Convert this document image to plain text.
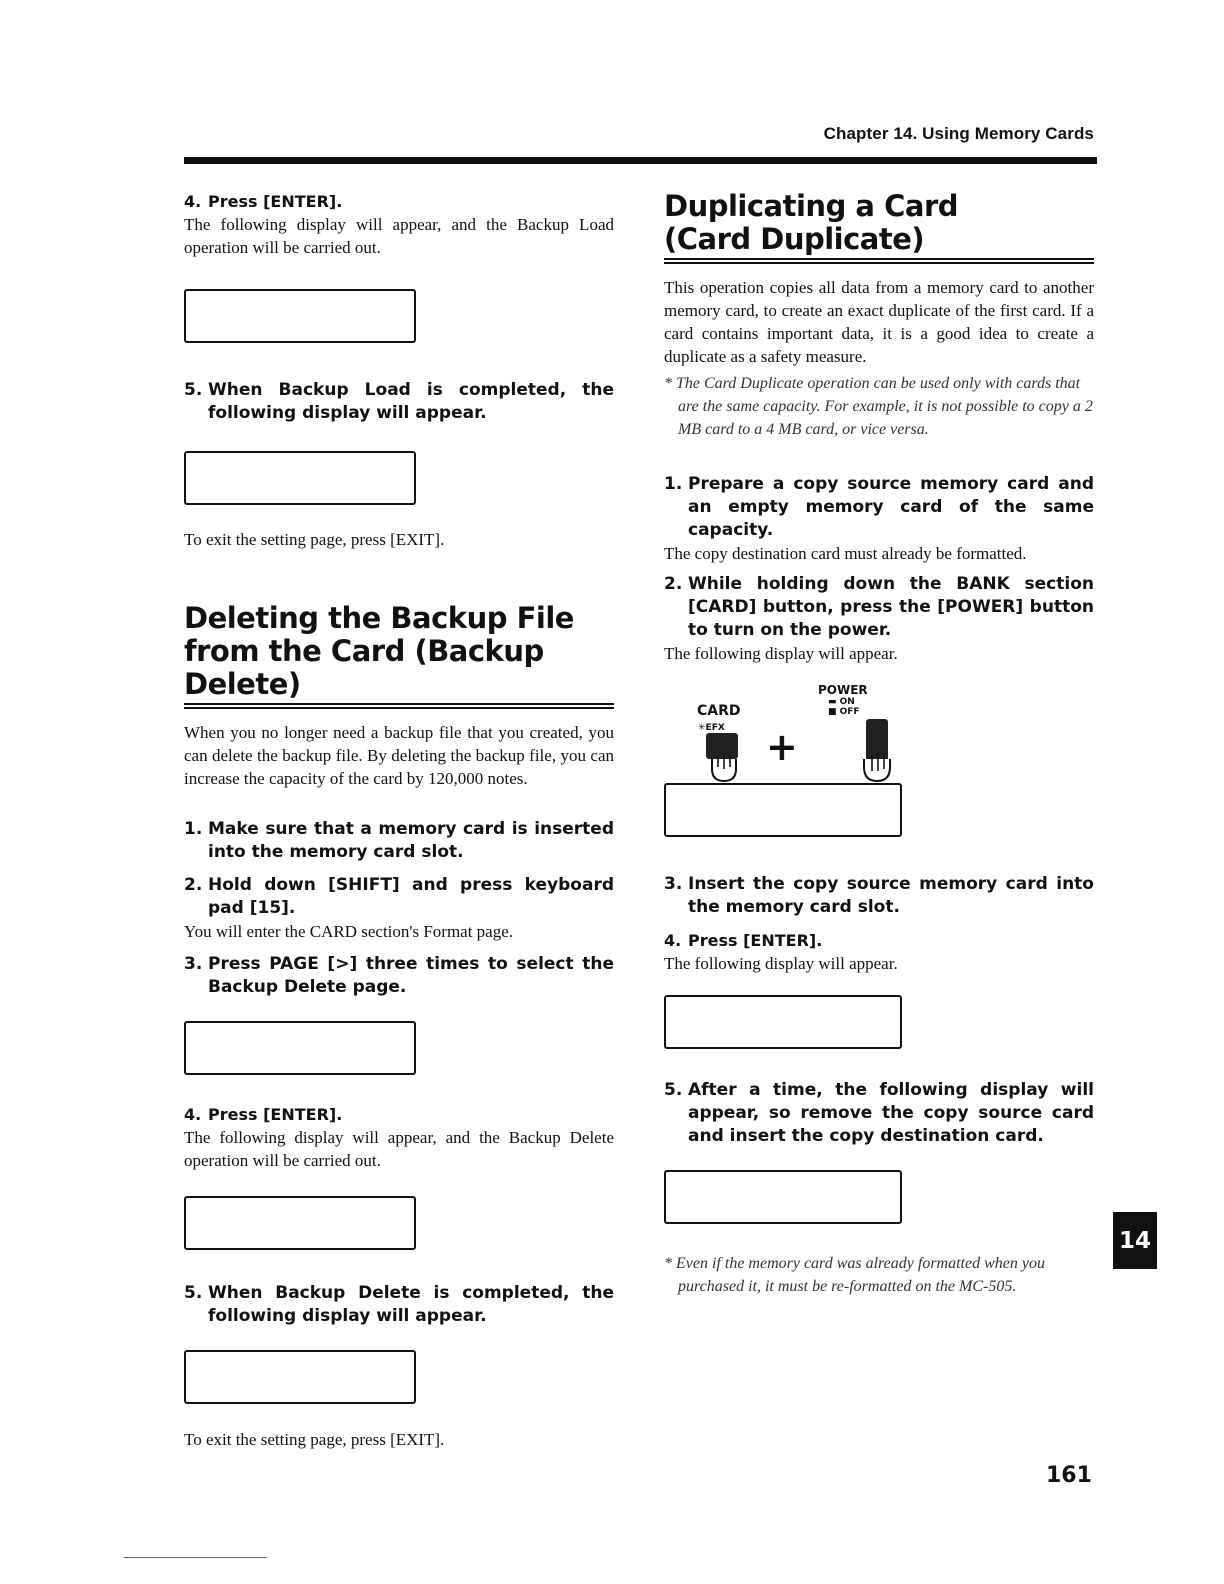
Chapter 14. Using Memory Cards
4. Press [ENTER].

The following display will appear, and the Backup Load operation will be carried out.

5. When Backup Load is completed, the following display will appear.

To exit the setting page, press [EXIT].

Deleting the Backup File
from the Card (Backup Delete)

When you no longer need a backup file that you created, you can delete the backup file. By deleting the backup file, you can increase the capacity of the card by 120,000 notes.

1. Make sure that a memory card is inserted into the memory card slot.
2. Hold down [SHIFT] and press keyboard pad [15].

You will enter the CARD section's Format page.

3. Press PAGE [>] three times to select the Backup Delete page.

4. Press [ENTER].

The following display will appear, and the Backup Delete operation will be carried out.

5. When Backup Delete is completed, the following display will appear.

To exit the setting page, press [EXIT].

Duplicating a Card
(Card Duplicate)

This operation copies all data from a memory card to another memory card, to create an exact duplicate of the first card. If a card contains important data, it is a good idea to create a duplicate as a safety measure.

* The Card Duplicate operation can be used only with cards that are the same capacity. For example, it is not possible to copy a 2 MB card to a 4 MB card, or vice versa.

1. Prepare a copy source memory card and an empty memory card of the same capacity.

The copy destination card must already be formatted.

2. While holding down the BANK section [CARD] button, press the [POWER] button to turn on the power.

The following display will appear.

CARD
✳EFX
POWER
▬ ON
■ OFF
+

3. Insert the copy source memory card into the memory card slot.
4. Press [ENTER].

The following display will appear.

5. After a time, the following display will appear, so remove the copy source card and insert the copy destination card.

* Even if the memory card was already formatted when you purchased it, it must be re-formatted on the MC-505.

14
161
